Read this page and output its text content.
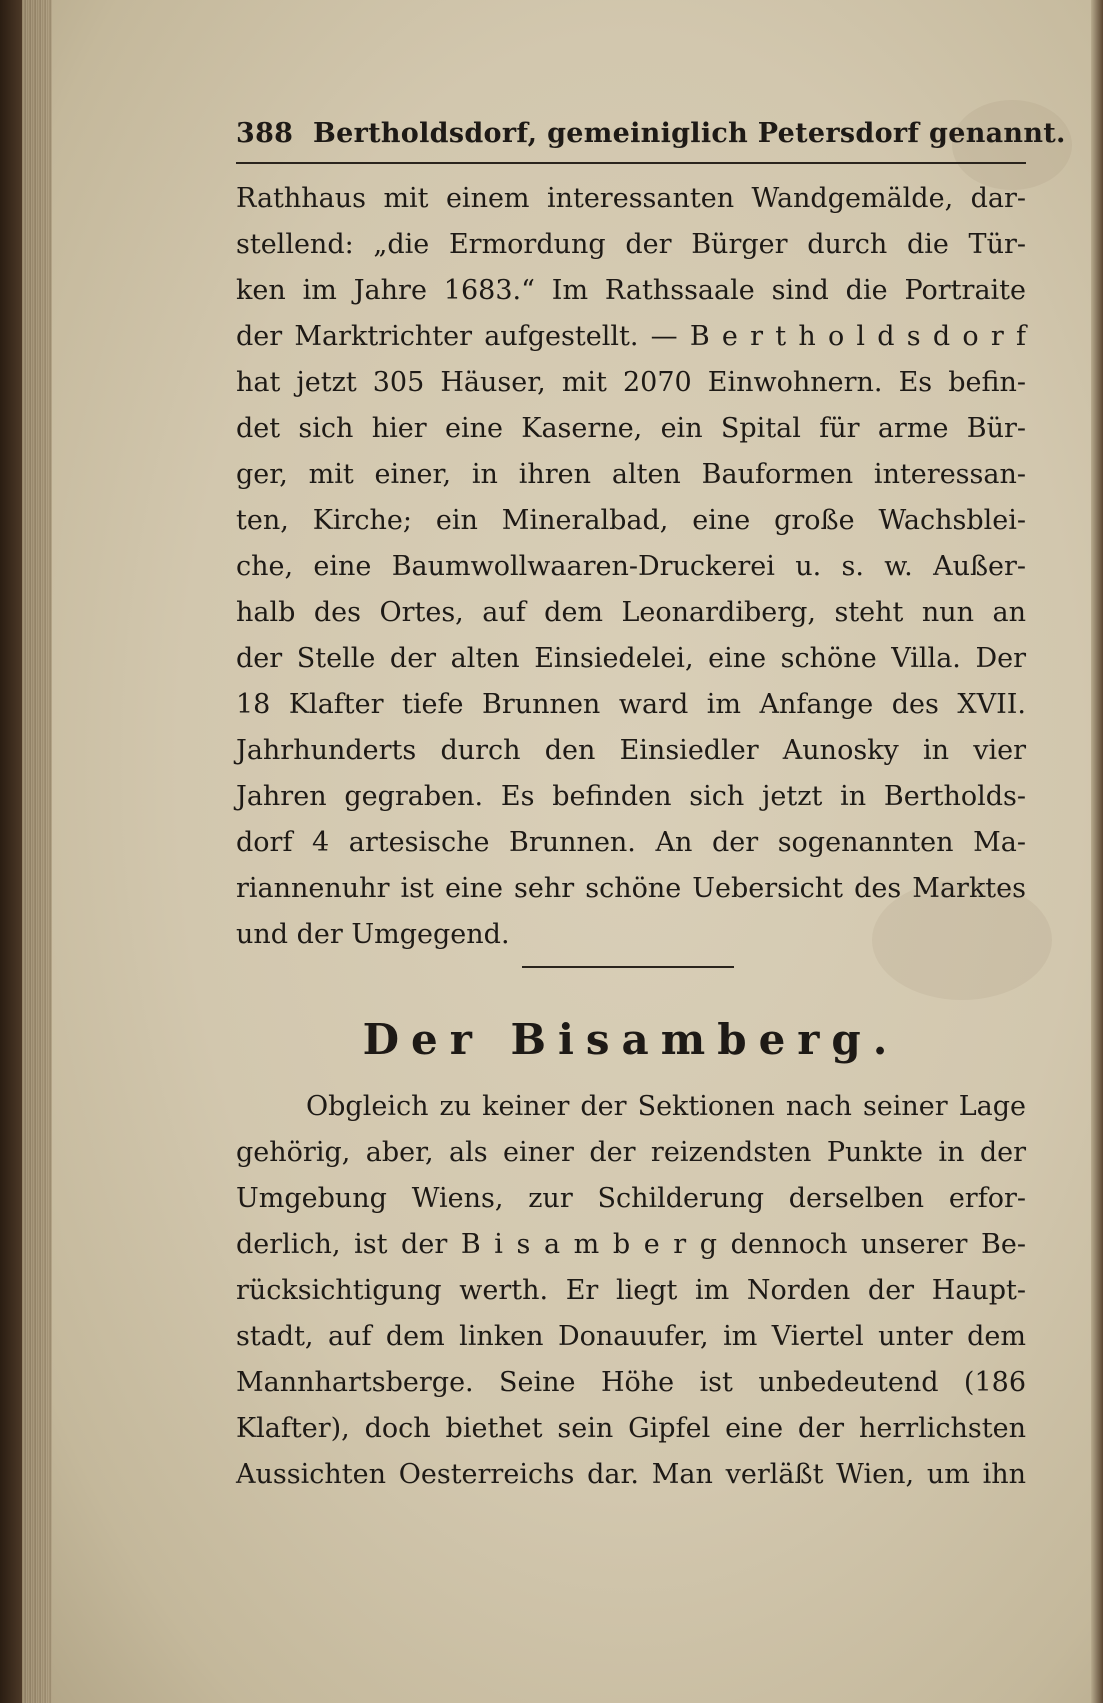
388 Bertholdsdorf, gemeiniglich Petersdorf genannt.
Rathhaus mit einem interessanten Wandgemälde, dar-
stellend: „die Ermordung der Bürger durch die Tür-
ken im Jahre 1683.“ Im Rathssaale sind die Portraite
der Marktrichter aufgestellt. — B e r t h o l d s d o r f
hat jetzt 305 Häuser, mit 2070 Einwohnern. Es befin-
det sich hier eine Kaserne, ein Spital für arme Bür-
ger, mit einer, in ihren alten Bauformen interessan-
ten, Kirche; ein Mineralbad, eine große Wachsblei-
che, eine Baumwollwaaren-Druckerei u. s. w. Außer-
halb des Ortes, auf dem Leonardiberg, steht nun an
der Stelle der alten Einsiedelei, eine schöne Villa. Der
18 Klafter tiefe Brunnen ward im Anfange des XVII.
Jahrhunderts durch den Einsiedler Aunosky in vier
Jahren gegraben. Es befinden sich jetzt in Bertholds-
dorf 4 artesische Brunnen. An der sogenannten Ma-
riannenuhr ist eine sehr schöne Uebersicht des Marktes
und der Umgegend.
Der Bisamberg.
Obgleich zu keiner der Sektionen nach seiner Lage
gehörig, aber, als einer der reizendsten Punkte in der
Umgebung Wiens, zur Schilderung derselben erfor-
derlich, ist der B i s a m b e r g dennoch unserer Be-
rücksichtigung werth. Er liegt im Norden der Haupt-
stadt, auf dem linken Donauufer, im Viertel unter dem
Mannhartsberge. Seine Höhe ist unbedeutend (186
Klafter), doch biethet sein Gipfel eine der herrlichsten
Aussichten Oesterreichs dar. Man verläßt Wien, um ihn
